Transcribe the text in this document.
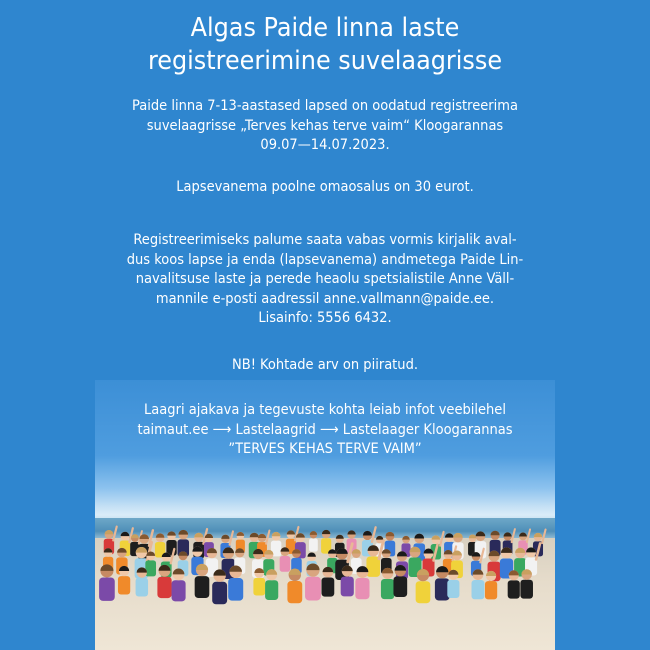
Algas Paide linna laste
registreerimine suvelaagrisse

Paide linna 7-13-aastased lapsed on oodatud registreerima
suvelaagrisse „Terves kehas terve vaim“ Kloogarannas
09.07—14.07.2023.

Lapsevanema poolne omaosalus on 30 eurot.

Registreerimiseks palume saata vabas vormis kirjalik aval-
dus koos lapse ja enda (lapsevanema) andmetega Paide Lin-
navalitsuse laste ja perede heaolu spetsialistile Anne Väll-
mannile e-posti aadressil anne.vallmann@paide.ee.
Lisainfo: 5556 6432.

NB! Kohtade arv on piiratud.

Laagri ajakava ja tegevuste kohta leiab infot veebilehel
taimaut.ee ⟶ Lastelaagrid ⟶ Lastelaager Kloogarannas
”TERVES KEHAS TERVE VAIM”
